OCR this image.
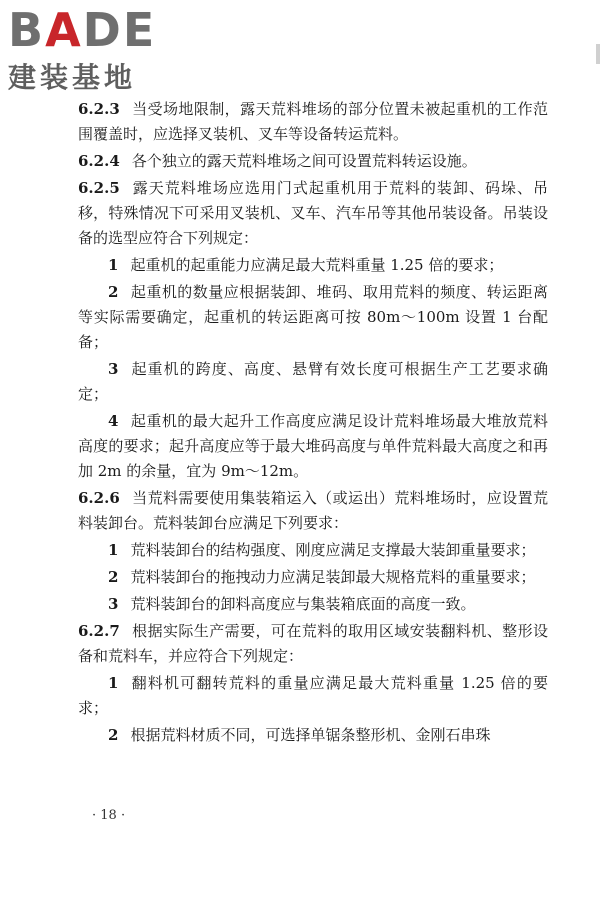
BADE
建装基地

6.2.3 当受场地限制，露天荒料堆场的部分位置未被起重机的工作范围覆盖时，应选择叉装机、叉车等设备转运荒料。

6.2.4 各个独立的露天荒料堆场之间可设置荒料转运设施。

6.2.5 露天荒料堆场应选用门式起重机用于荒料的装卸、码垛、吊移，特殊情况下可采用叉装机、叉车、汽车吊等其他吊装设备。吊装设备的选型应符合下列规定：

1 起重机的起重能力应满足最大荒料重量 1.25 倍的要求；

2 起重机的数量应根据装卸、堆码、取用荒料的频度、转运距离等实际需要确定，起重机的转运距离可按 80m～100m 设置 1 台配备；

3 起重机的跨度、高度、悬臂有效长度可根据生产工艺要求确定；

4 起重机的最大起升工作高度应满足设计荒料堆场最大堆放荒料高度的要求；起升高度应等于最大堆码高度与单件荒料最大高度之和再加 2m 的余量，宜为 9m～12m。

6.2.6 当荒料需要使用集装箱运入（或运出）荒料堆场时，应设置荒料装卸台。荒料装卸台应满足下列要求：

1 荒料装卸台的结构强度、刚度应满足支撑最大装卸重量要求；

2 荒料装卸台的拖拽动力应满足装卸最大规格荒料的重量要求；

3 荒料装卸台的卸料高度应与集装箱底面的高度一致。

6.2.7 根据实际生产需要，可在荒料的取用区域安装翻料机、整形设备和荒料车，并应符合下列规定：

1 翻料机可翻转荒料的重量应满足最大荒料重量 1.25 倍的要求；

2 根据荒料材质不同，可选择单锯条整形机、金刚石串珠

· 18 ·
